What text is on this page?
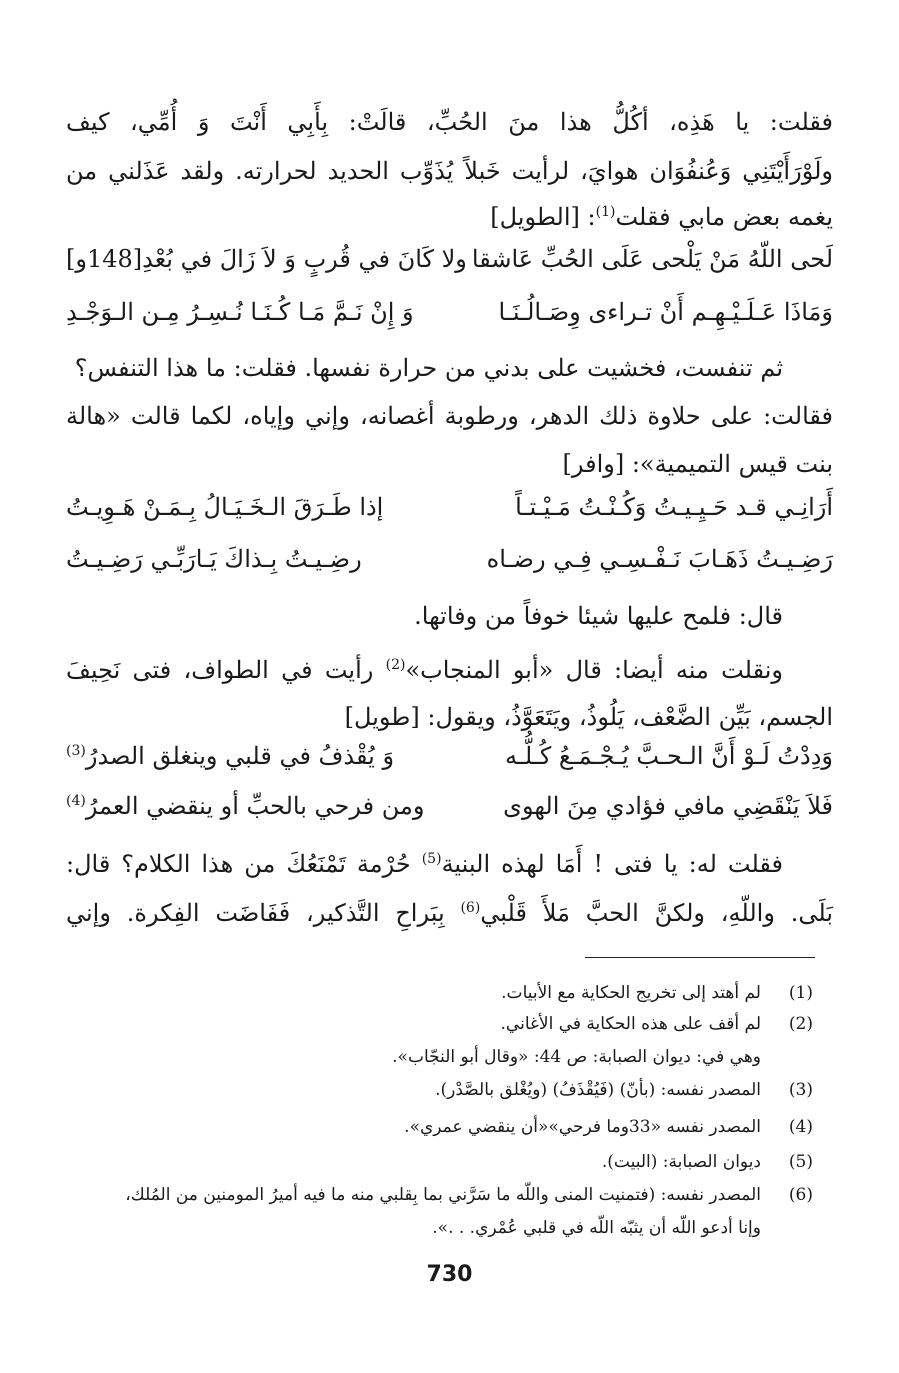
فقلت: يا هَذِه، أكُلُّ هذا منَ الحُبِّ، قالَتْ: بِأَبِي أَنْتَ وَ أُمِّي، كيف
ولَوْرَأَيْتَنِي وَعُنفُوَان هوايَ، لرأيت خَبلاً يُذَوِّب الحديد لحرارته. ولقد عَذَلني من
يغمه بعض مابي فقلت$^{(1)}$: [الطويل]
لَحى اللّهُ مَنْ يَلْحى عَلَى الحُبِّ عَاشقا
ولا كَانَ في قُربٍ وَ لاَ زَالَ في بُعْدِ[148و]
وَمَاذَا عَـلَـيْـهِـم أَنْ تـراءى وِصَـالُـنَـا
وَ إِنْ نَـمَّ مَـا كُـنَـا نُـسِـرُ مِـن الـوَجْـدِ
ثم تنفست، فخشيت على بدني من حرارة نفسها. فقلت: ما هذا التنفس؟
فقالت: على حلاوة ذلك الدهر، ورطوبة أغصانه، وإني وإياه، لكما قالت «هالة
بنت قيس التميمية»: [وافر]
أَرَانِـي قـد حَـيِـيـتُ وَكُـنْـتُ مَـيْـتـاً
إذا طَـرَقَ الـخَـيَـالُ بِـمَـنْ هَـوِيـتُ
رَضِـيـتُ ذَهَـابَ نَـفْـسِـي فِـي رضـاه
رضِـيـتُ بِـذاكَ يَـارَبِّـي رَضِـيـتُ
قال: فلمح عليها شيئا خوفاً من وفاتها.
ونقلت منه أيضا: قال «أبو المنجاب»$^{(2)}$ رأيت في الطواف، فتى نَحِيفَ
الجسم، بَيِّن الضَّعْف، يَلُوذُ، ويَتَعَوَّذُ، ويقول: [طويل]
وَدِدْتُ لَـوْ أَنَّ الـحـبَّ يُـجْـمَـعُ كُـلُّـه
وَ يُقْذفُ في قلبي وينغلق الصدرُ$^{(3)}$
فَلاَ يَنْقَضِي مافي فؤادي مِنَ الهوى
ومن فرحي بالحبِّ أو ينقضي العمرُ$^{(4)}$
فقلت له: يا فتى ! أَمَا لهذه البنية$^{(5)}$ حُرْمة تَمْنَعُكَ من هذا الكلام؟ قال:
بَلَى. واللّهِ، ولكنَّ الحبَّ مَلأَ قَلْبي$^{(6)}$ بِبَراحِ التَّذكير، فَفَاضَت الفِكرة. وإني
(1)
لم أهتد إلى تخريج الحكاية مع الأبيات.
(2)
لم أقف على هذه الحكاية في الأغاني.
وهي في: ديوان الصبابة: ص 44: «وقال أبو النجّاب».
(3)
المصدر نفسه: (بأنّ) (فَيُقْذَفُ) (ويُغْلق بالصَّدْر).
(4)
المصدر نفسه «33وما فرحي»«أن ينقضي عمري».
(5)
ديوان الصبابة: (البيت).
(6)
المصدر نفسه: (فتمنيت المنى واللّه ما سَرَّني بما بِقلبي منه ما فيه أميرُ المومنين من المُلك،
وإنا أدعو اللّه أن يثبّه اللّه في قلبي عُمْري. . .».
730
